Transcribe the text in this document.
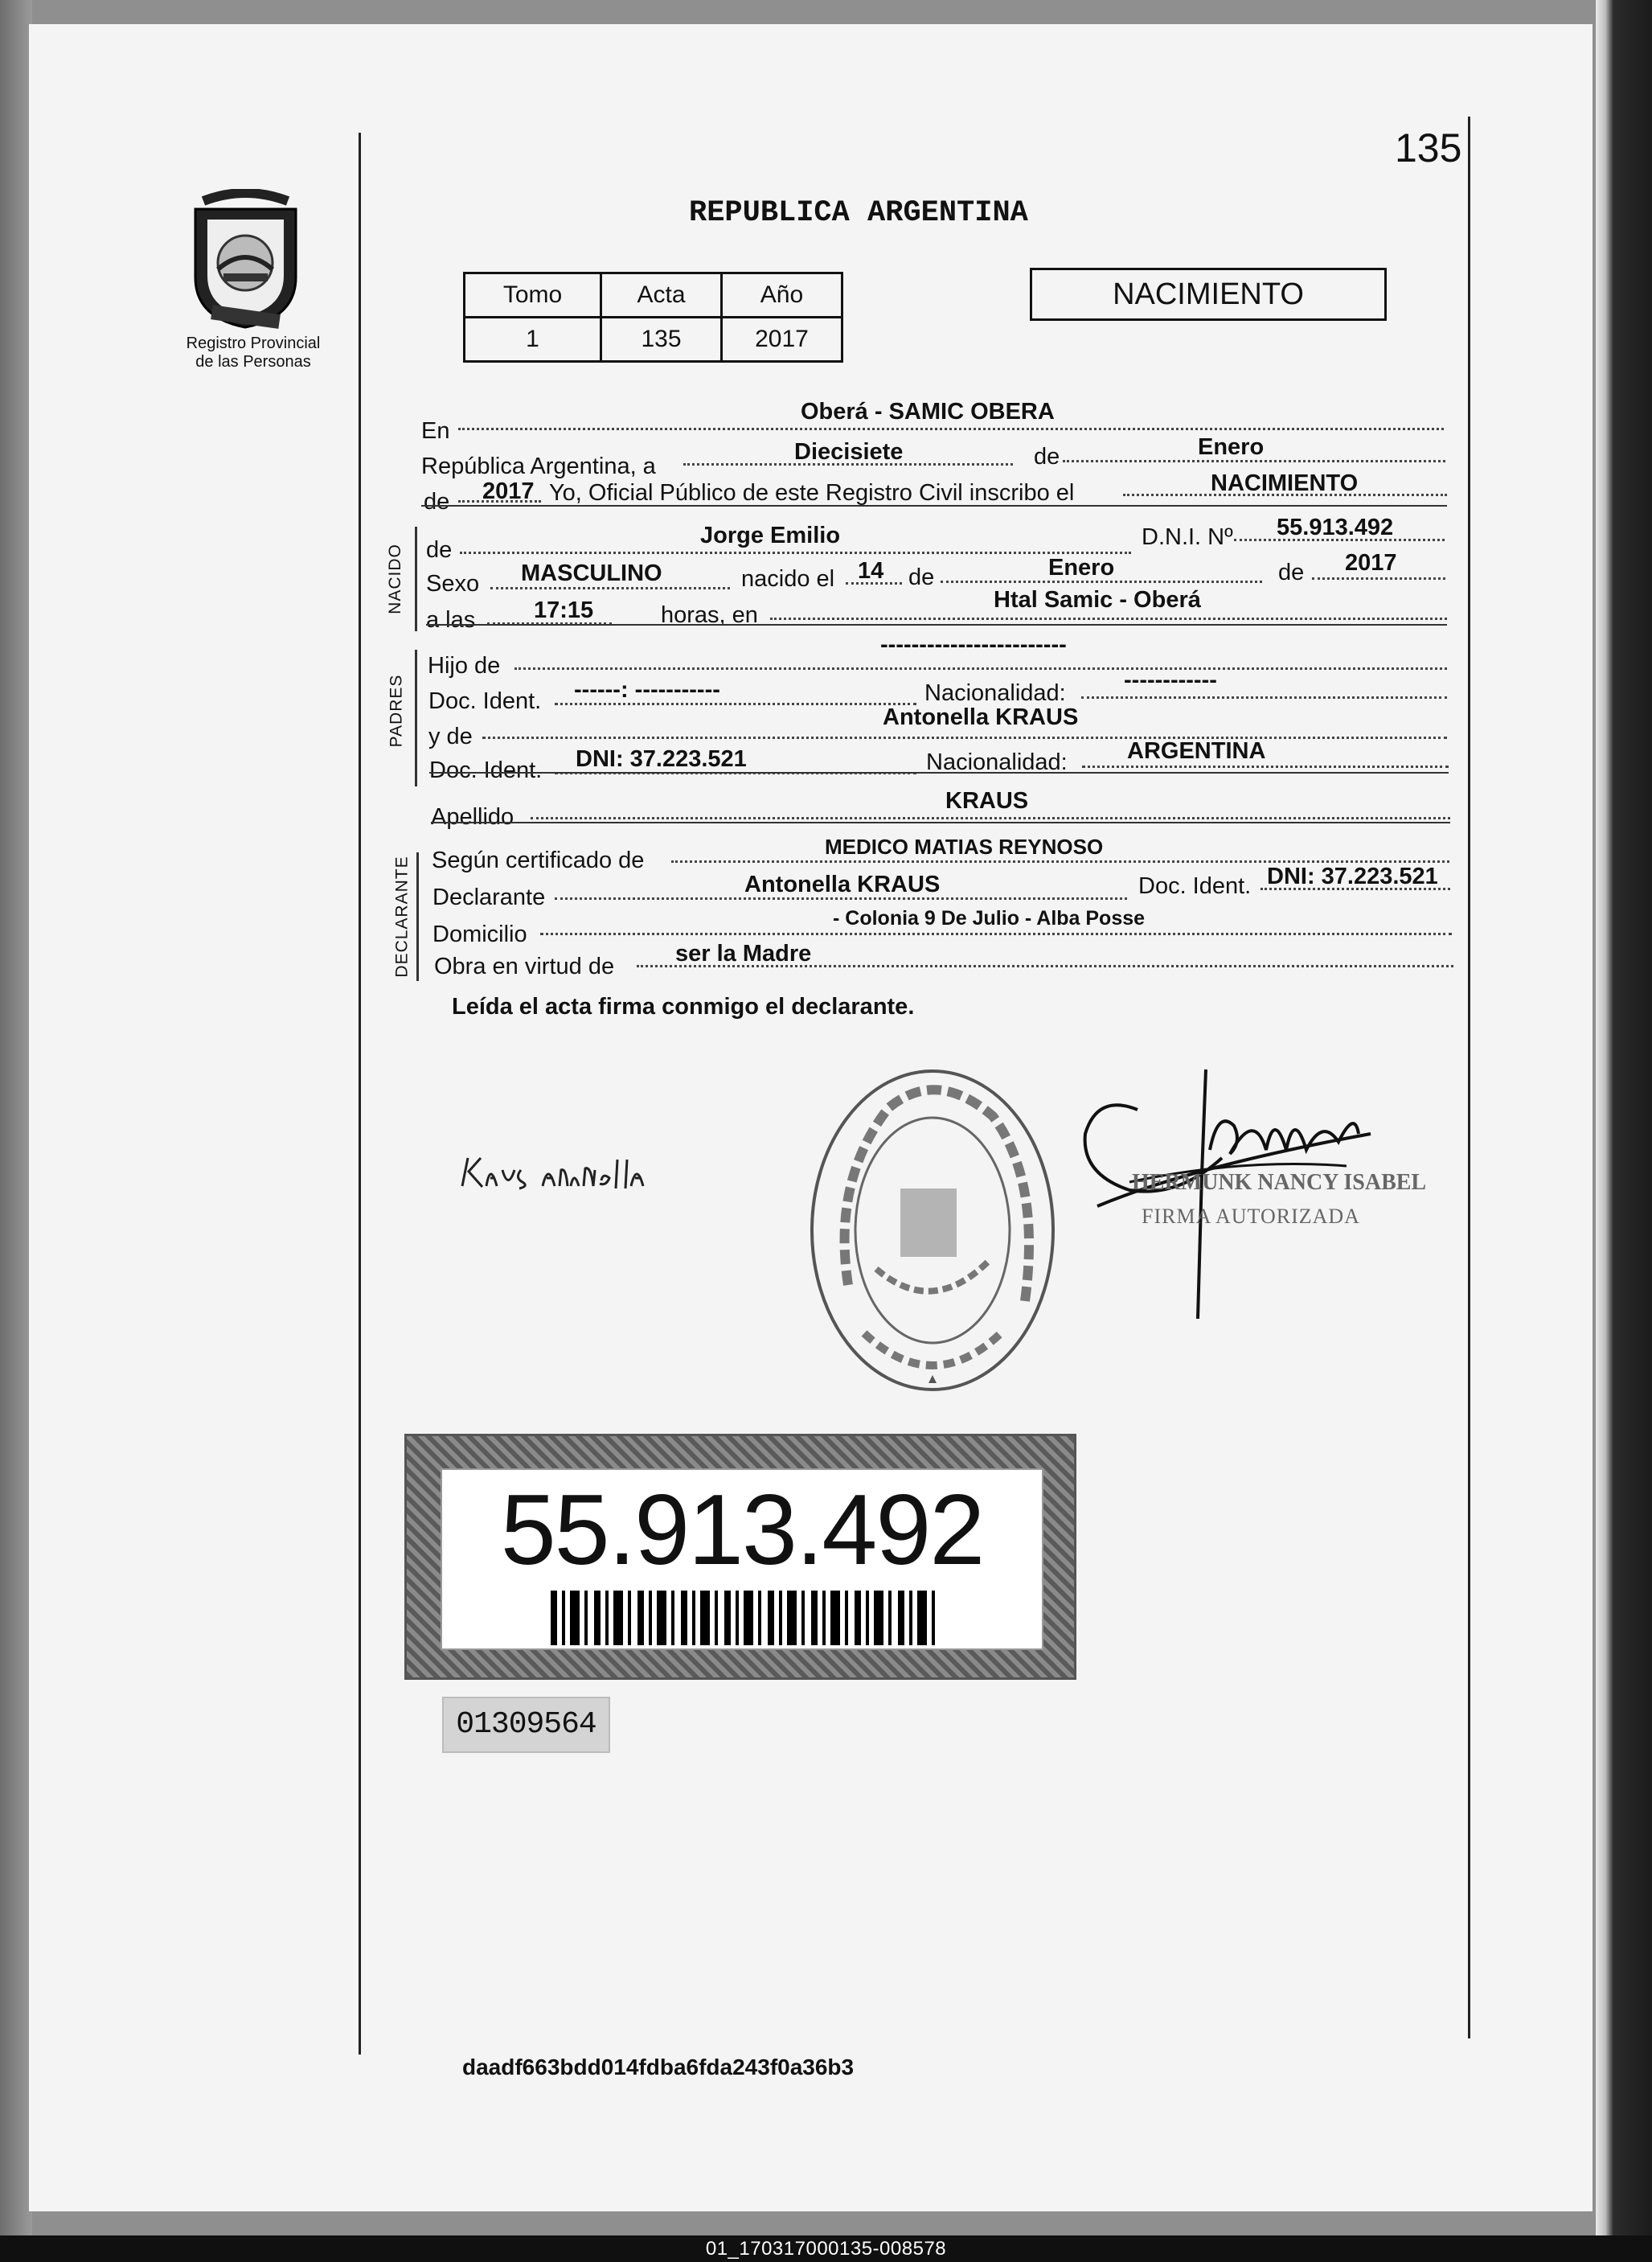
135
Registro Provincial
de las Personas
REPUBLICA ARGENTINA
Tomo	Acta	Año
1	135	2017
NACIMIENTO
En
Oberá - SAMIC OBERA
República Argentina, a
Diecisiete	de	Enero
de 2017 Yo, Oficial Público de este Registro Civil inscribo el	NACIMIENTO
NACIDO de
Jorge Emilio	D.N.I. Nº 55.913.492
Sexo MASCULINO	nacido el 14 de	Enero	de 2017
a las	17:15	horas, en
Htal Samic - Oberá
PADRES
Hijo de
------------------------
Doc. Ident. ------: -----------	Nacionalidad: ------------
y de
Antonella KRAUS
Doc. Ident. DNI: 37.223.521	Nacionalidad:	ARGENTINA
Apellido
KRAUS
DECLARANTE Según certificado de
MEDICO MATIAS REYNOSO
Declarante	Antonella KRAUS	Doc. Ident. DNI: 37.223.521
Domicilio
- Colonia 9 De Julio - Alba Posse
Obra en virtud de	ser la Madre
Leída el acta firma conmigo el declarante.
HERMUNK NANCY ISABEL
FIRMA AUTORIZADA
55.913.492
01309564
daadf663bdd014fdba6fda243f0a36b3
01_170317000135-008578
